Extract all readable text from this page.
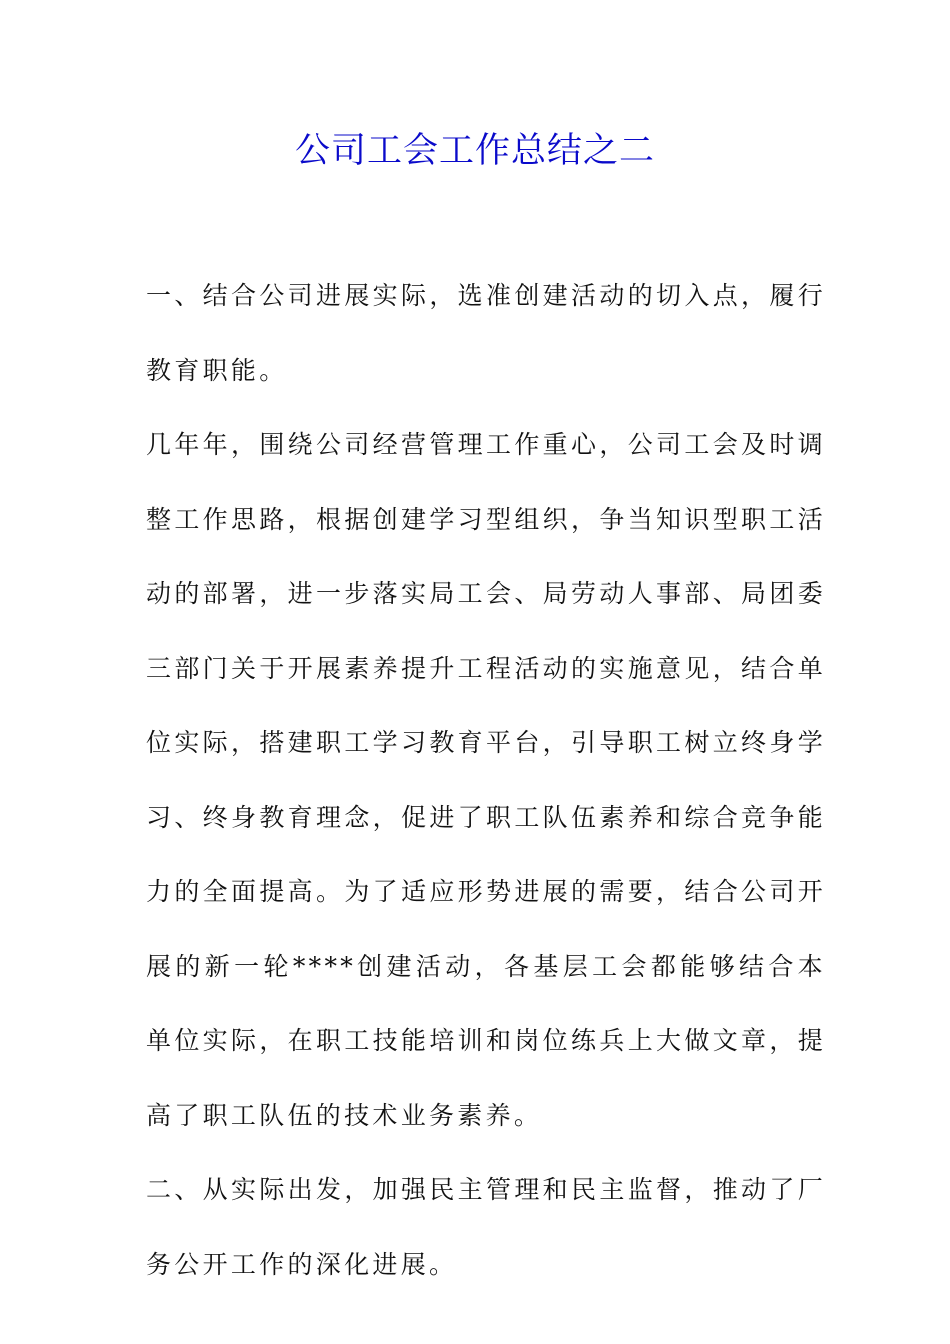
公司工会工作总结之二

一、结合公司进展实际，选准创建活动的切入点，履行教育职能。

几年年，围绕公司经营管理工作重心，公司工会及时调整工作思路，根据创建学习型组织，争当知识型职工活动的部署，进一步落实局工会、局劳动人事部、局团委三部门关于开展素养提升工程活动的实施意见，结合单位实际，搭建职工学习教育平台，引导职工树立终身学习、终身教育理念，促进了职工队伍素养和综合竞争能力的全面提高。为了适应形势进展的需要，结合公司开展的新一轮****创建活动，各基层工会都能够结合本单位实际，在职工技能培训和岗位练兵上大做文章，提高了职工队伍的技术业务素养。

二、从实际出发，加强民主管理和民主监督，推动了厂务公开工作的深化进展。
